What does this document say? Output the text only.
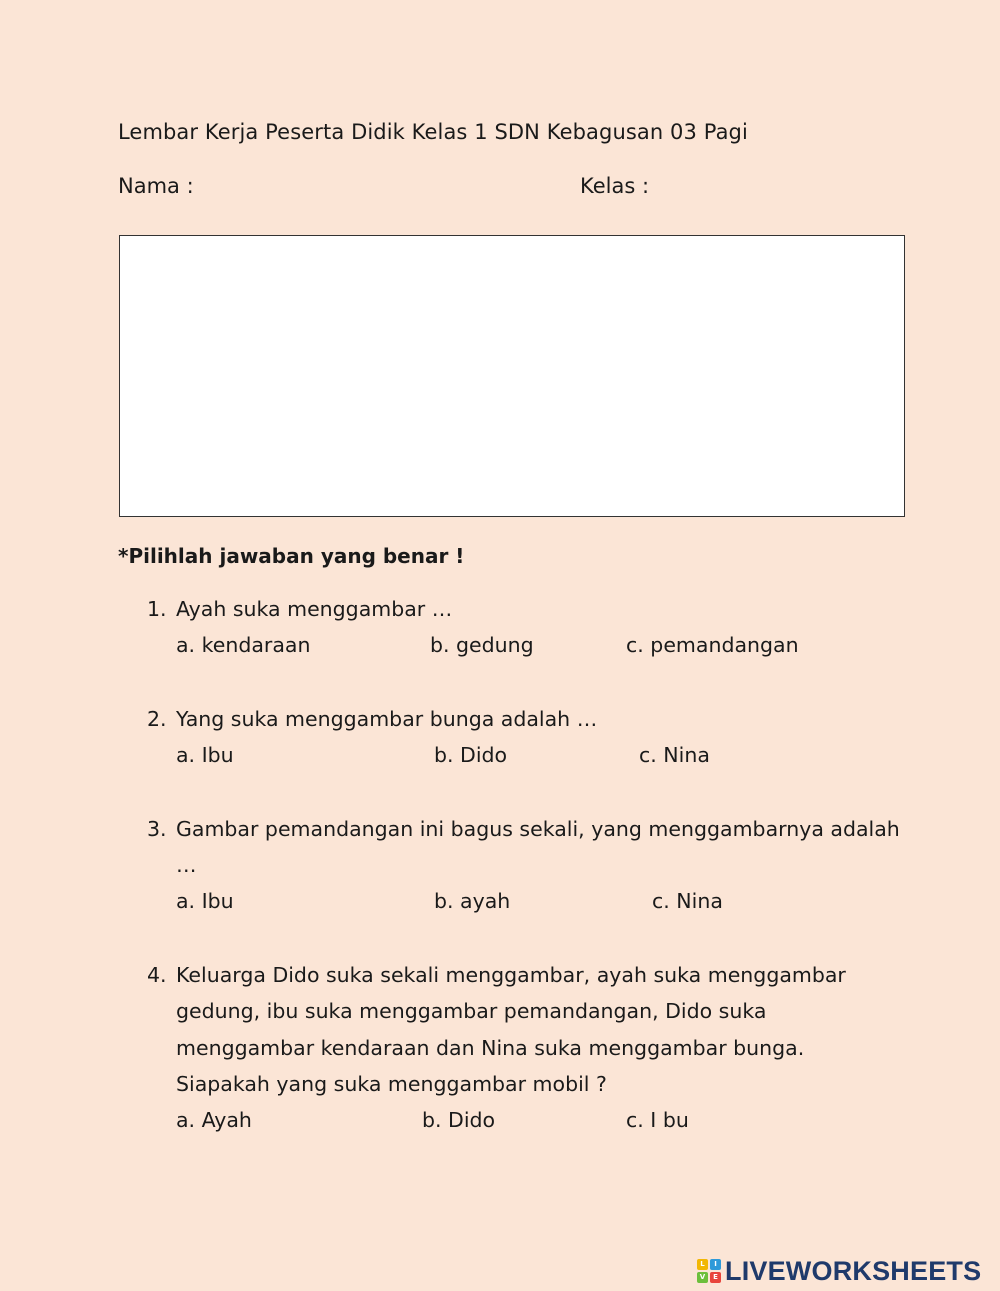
Lembar Kerja Peserta Didik Kelas 1 SDN Kebagusan 03 Pagi
Nama :	Kelas :
*Pilihlah jawaban yang benar !
1. Ayah suka menggambar …
a. kendaraan	b. gedung	c. pemandangan
2. Yang suka menggambar bunga adalah …
a. Ibu	b. Dido	c. Nina
3. Gambar pemandangan ini bagus sekali, yang menggambarnya adalah
…
a. Ibu	b. ayah	c. Nina
4. Keluarga Dido suka sekali menggambar, ayah suka menggambar
gedung, ibu suka menggambar pemandangan, Dido suka
menggambar kendaraan dan Nina suka menggambar bunga.
Siapakah yang suka menggambar mobil ?
a. Ayah	b. Dido	c. I bu
L	I
V	E LIVEWORKSHEETS
